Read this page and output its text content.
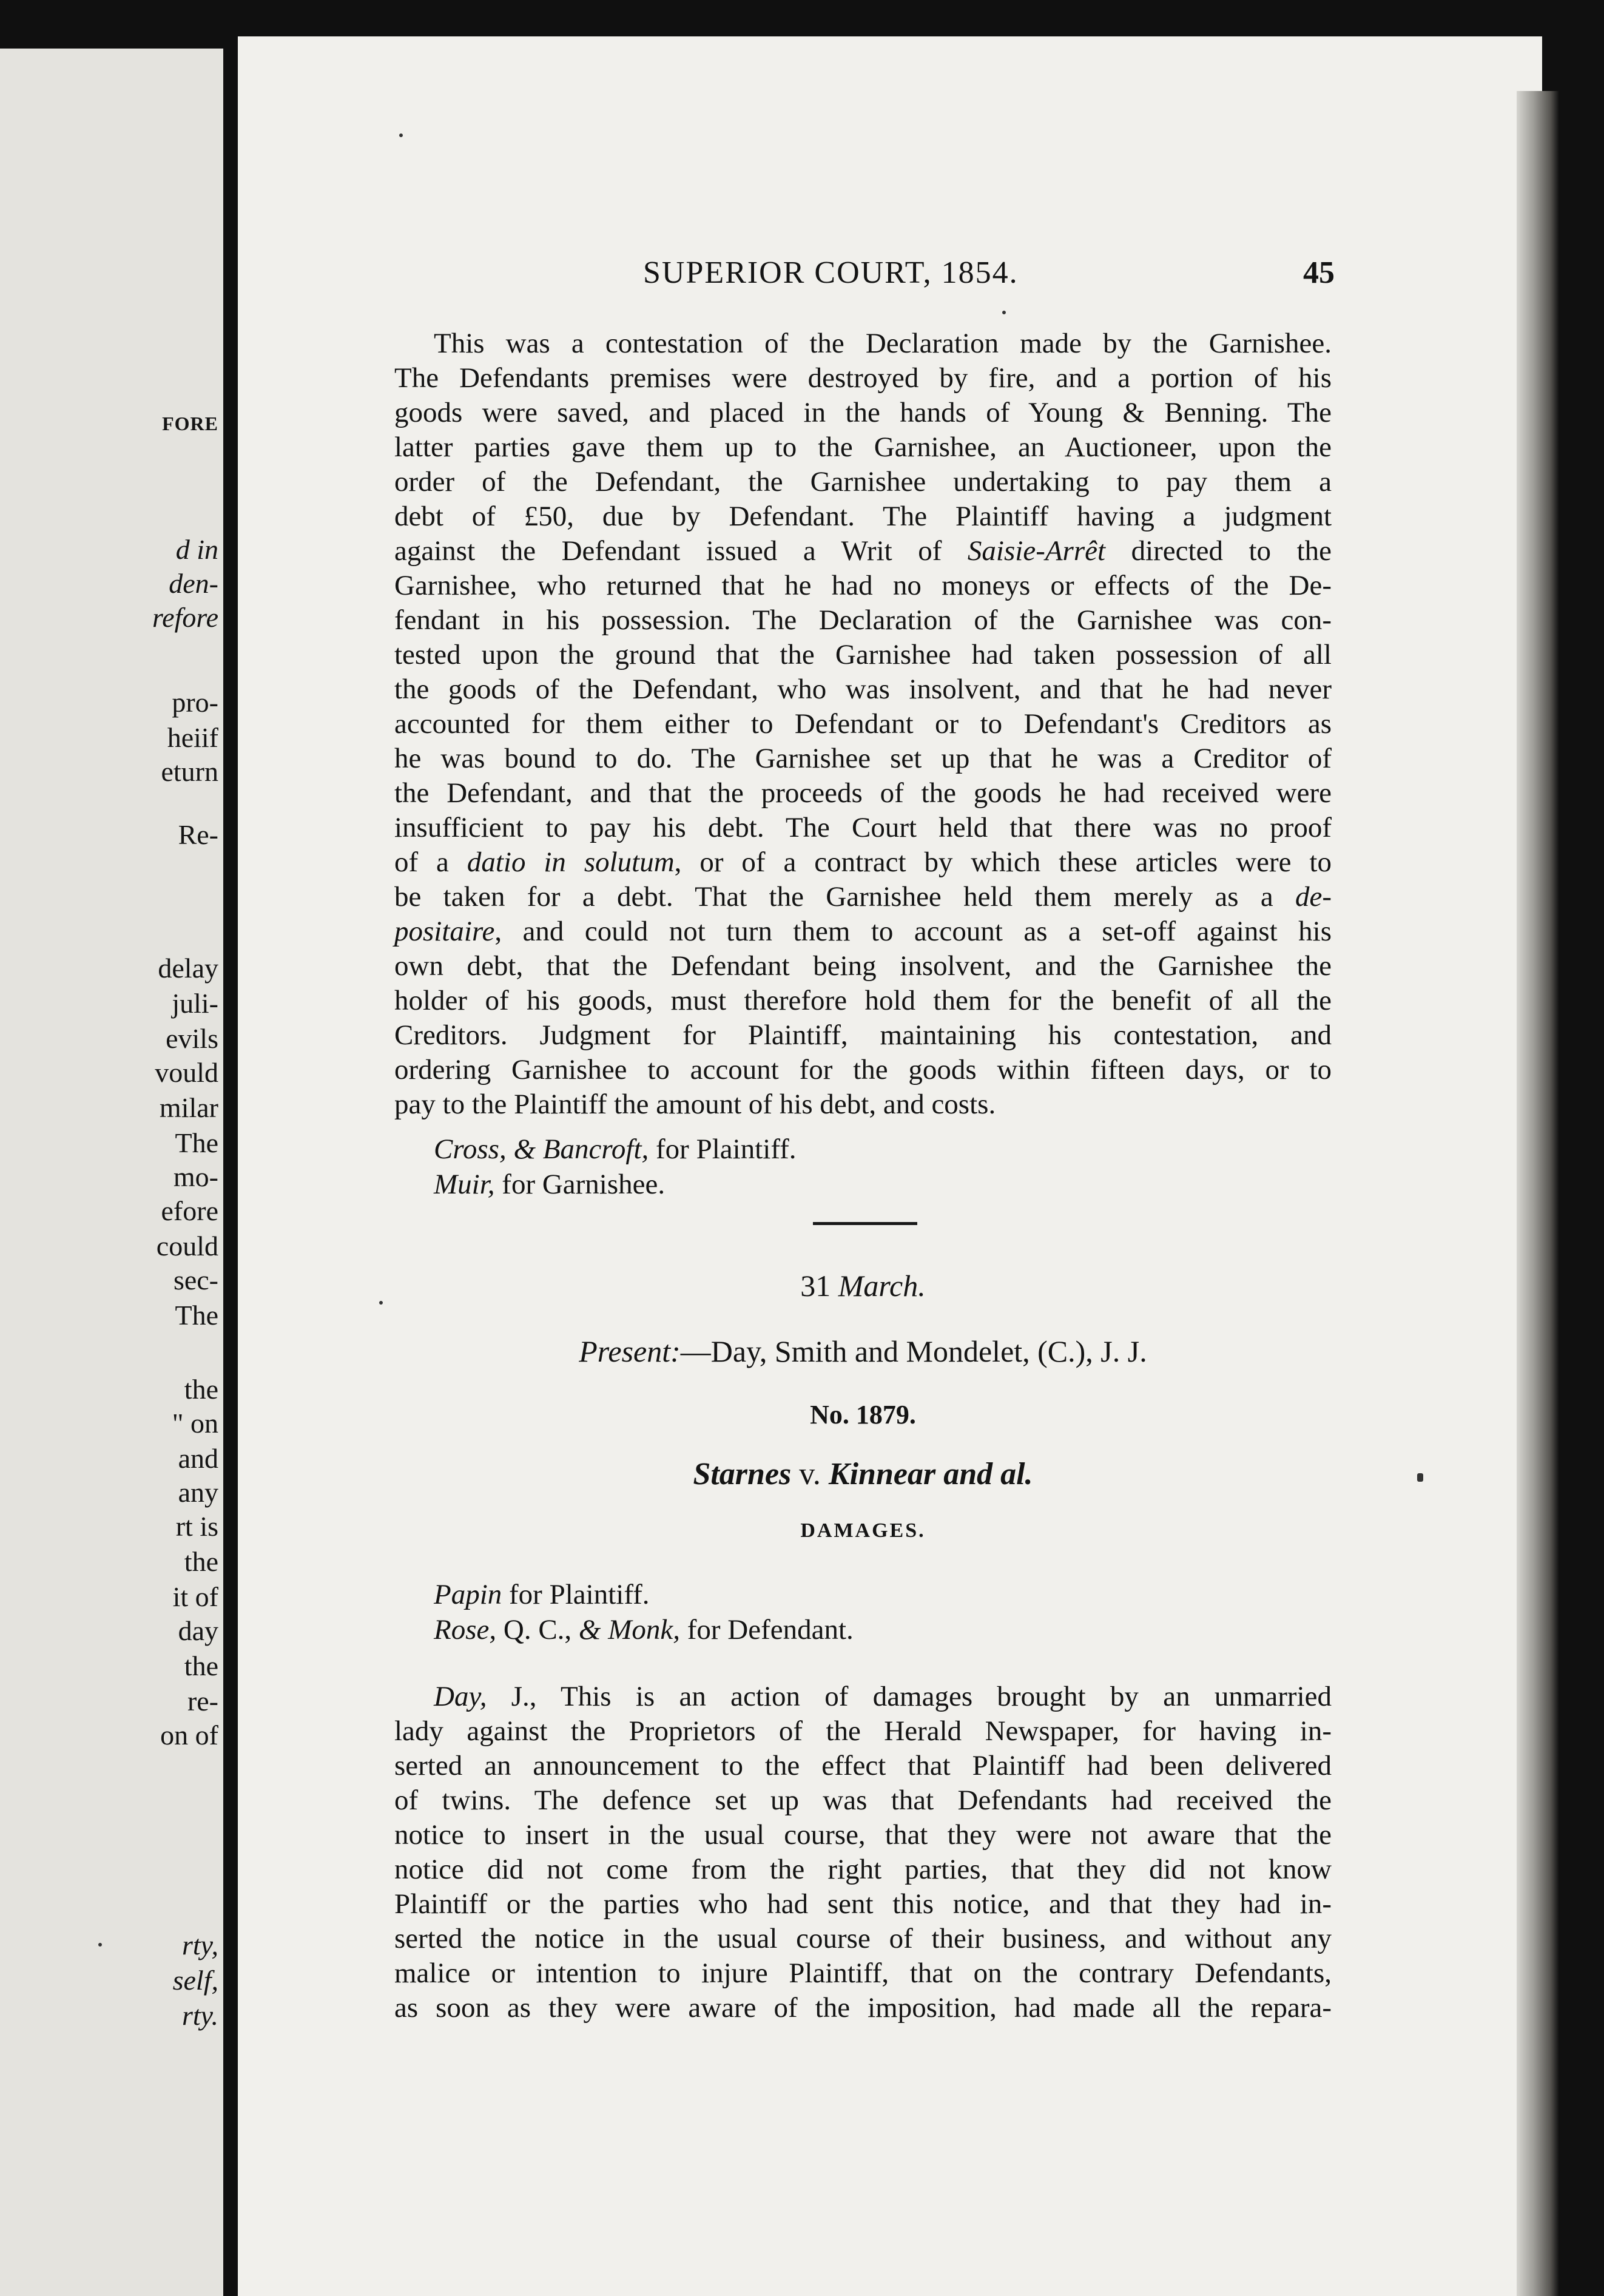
FORE
d in
den-
refore
pro-
heiif
eturn
Re-
delay
juli-
evils
vould
milar
The
mo-
efore
could
sec-
The
the
" on
and
any
rt is
the
it of
day
the
re-
on of
rty,
self,
rty.
SUPERIOR COURT, 1854.	45

This was a contestation of the Declaration made by the Garnishee.
The Defendants premises were destroyed by fire, and a portion of his
goods were saved, and placed in the hands of Young & Benning. The
latter parties gave them up to the Garnishee, an Auctioneer, upon the
order of the Defendant, the Garnishee undertaking to pay them a
debt of £50, due by Defendant. The Plaintiff having a judgment
against the Defendant issued a Writ of Saisie-Arrêt directed to the
Garnishee, who returned that he had no moneys or effects of the De-
fendant in his possession. The Declaration of the Garnishee was con-
tested upon the ground that the Garnishee had taken possession of all
the goods of the Defendant, who was insolvent, and that he had never
accounted for them either to Defendant or to Defendant's Creditors as
he was bound to do. The Garnishee set up that he was a Creditor of
the Defendant, and that the proceeds of the goods he had received were
insufficient to pay his debt. The Court held that there was no proof
of a datio in solutum, or of a contract by which these articles were to
be taken for a debt. That the Garnishee held them merely as a de-
positaire, and could not turn them to account as a set-off against his
own debt, that the Defendant being insolvent, and the Garnishee the
holder of his goods, must therefore hold them for the benefit of all the
Creditors. Judgment for Plaintiff, maintaining his contestation, and
ordering Garnishee to account for the goods within fifteen days, or to
pay to the Plaintiff the amount of his debt, and costs.

Cross, & Bancroft, for Plaintiff.
Muir, for Garnishee.
31 March.
Present:—Day, Smith and Mondelet, (C.), J. J.
No. 1879.
Starnes v. Kinnear and al.
DAMAGES.
Papin for Plaintiff.
Rose, Q. C., & Monk, for Defendant.

Day, J., This is an action of damages brought by an unmarried
lady against the Proprietors of the Herald Newspaper, for having in-
serted an announcement to the effect that Plaintiff had been delivered
of twins. The defence set up was that Defendants had received the
notice to insert in the usual course, that they were not aware that the
notice did not come from the right parties, that they did not know
Plaintiff or the parties who had sent this notice, and that they had in-
serted the notice in the usual course of their business, and without any
malice or intention to injure Plaintiff, that on the contrary Defendants,
as soon as they were aware of the imposition, had made all the repara-
